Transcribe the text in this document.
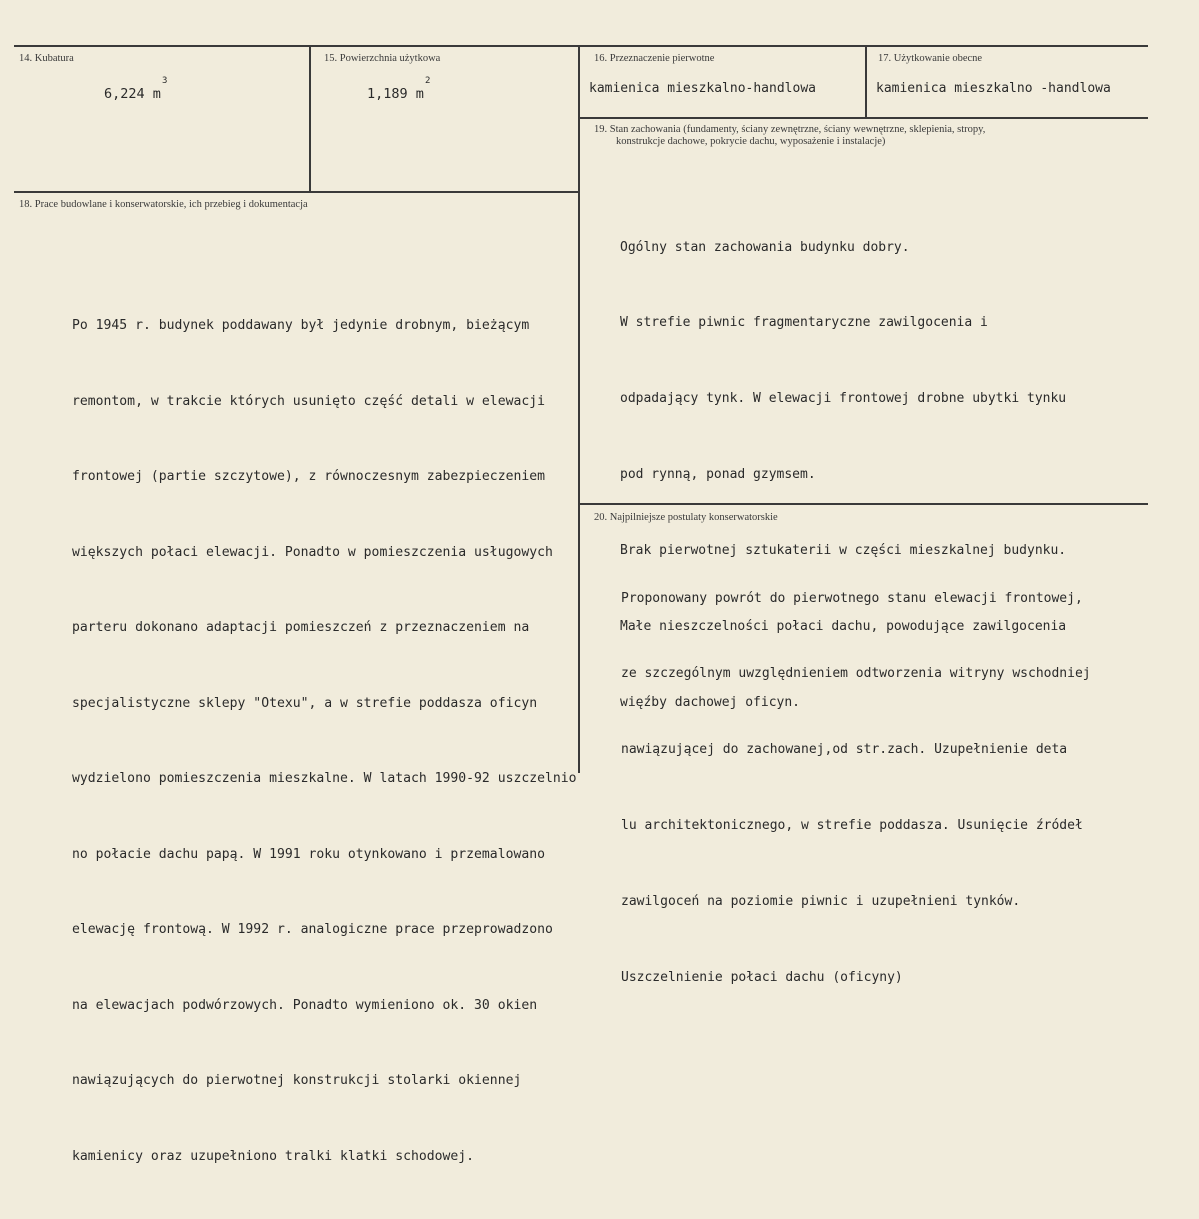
14. Kubatura
6,224 m
3
15. Powierzchnia użytkowa
1,189 m
2
16. Przeznaczenie pierwotne
kamienica mieszkalno-handlowa
17. Użytkowanie obecne
kamienica mieszkalno -handlowa
19. Stan zachowania (fundamenty, ściany zewnętrzne, ściany wewnętrzne, sklepienia, stropy,
konstrukcje dachowe, pokrycie dachu, wyposażenie i instalacje)

Ogólny stan zachowania budynku dobry.

W strefie piwnic fragmentaryczne zawilgocenia i

odpadający tynk. W elewacji frontowej drobne ubytki tynku

pod rynną, ponad gzymsem.

Brak pierwotnej sztukaterii w części mieszkalnej budynku.

Małe nieszczelności połaci dachu, powodujące zawilgocenia

więźby dachowej oficyn.

18. Prace budowlane i konserwatorskie, ich przebieg i dokumentacja

Po 1945 r. budynek poddawany był jedynie drobnym, bieżącym

remontom, w trakcie których usunięto część detali w elewacji

frontowej (partie szczytowe), z równoczesnym zabezpieczeniem

większych połaci elewacji. Ponadto w pomieszczenia usługowych

parteru dokonano adaptacji pomieszczeń z przeznaczeniem na

specjalistyczne sklepy "Otexu", a w strefie poddasza oficyn

wydzielono pomieszczenia mieszkalne. W latach 1990-92 uszczelnio

no połacie dachu papą. W 1991 roku otynkowano i przemalowano

elewację frontową. W 1992 r. analogiczne prace przeprowadzono

na elewacjach podwórzowych. Ponadto wymieniono ok. 30 okien

nawiązujących do pierwotnej konstrukcji stolarki okiennej

kamienicy oraz uzupełniono tralki klatki schodowej.

20. Najpilniejsze postulaty konserwatorskie

Proponowany powrót do pierwotnego stanu elewacji frontowej,

ze szczególnym uwzględnieniem odtworzenia witryny wschodniej

nawiązującej do zachowanej,od str.zach. Uzupełnienie deta

lu architektonicznego, w strefie poddasza. Usunięcie źródeł

zawilgoceń na poziomie piwnic i uzupełnieni tynków.

Uszczelnienie połaci dachu (oficyny)
